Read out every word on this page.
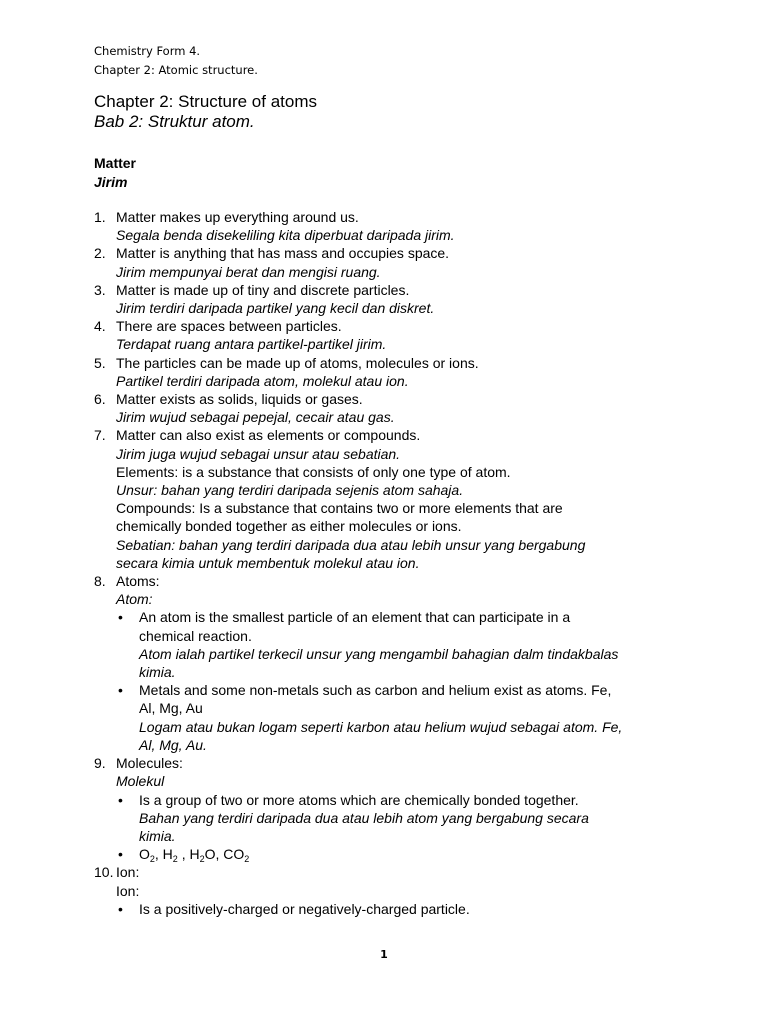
Chemistry Form 4.
Chapter 2: Atomic structure.
Chapter 2: Structure of atoms
Bab 2: Struktur atom.
Matter
Jirim
1. Matter makes up everything around us.
Segala benda disekeliling kita diperbuat daripada jirim.
2. Matter is anything that has mass and occupies space.
Jirim mempunyai berat dan mengisi ruang.
3. Matter is made up of tiny and discrete particles.
Jirim terdiri daripada partikel yang kecil dan diskret.
4. There are spaces between particles.
Terdapat ruang antara partikel-partikel jirim.
5. The particles can be made up of atoms, molecules or ions.
Partikel terdiri daripada atom, molekul atau ion.
6. Matter exists as solids, liquids or gases.
Jirim wujud sebagai pepejal, cecair atau gas.
7. Matter can also exist as elements or compounds.
Jirim juga wujud sebagai unsur atau sebatian.
Elements: is a substance that consists of only one type of atom.
Unsur: bahan yang terdiri daripada sejenis atom sahaja.
Compounds: Is a substance that contains two or more elements that are
chemically bonded together as either molecules or ions.
Sebatian: bahan yang terdiri daripada dua atau lebih unsur yang bergabung
secara kimia untuk membentuk molekul atau ion.
8. Atoms:
Atom:
• An atom is the smallest particle of an element that can participate in a
chemical reaction.
Atom ialah partikel terkecil unsur yang mengambil bahagian dalm tindakbalas
kimia.
• Metals and some non-metals such as carbon and helium exist as atoms. Fe,
Al, Mg, Au
Logam atau bukan logam seperti karbon atau helium wujud sebagai atom. Fe,
Al, Mg, Au.
9. Molecules:
Molekul
• Is a group of two or more atoms which are chemically bonded together.
Bahan yang terdiri daripada dua atau lebih atom yang bergabung secara
kimia.
• $O_2$, $H_2$ , $H_2O$, $CO_2$
10. Ion:
Ion:
• Is a positively-charged or negatively-charged particle.
1
